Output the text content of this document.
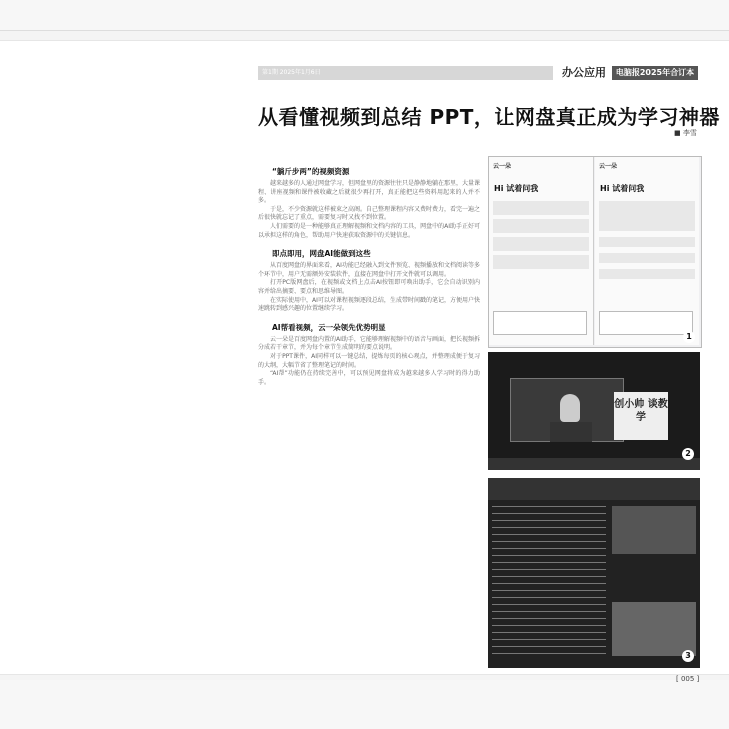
第1期 2025年1月6日	办公应用	电脑报2025年合订本
从看懂视频到总结 PPT，让网盘真正成为学习神器
■ 李雪
“躺斤步两”的视频资源

越来越多的人通过网盘学习，但网盘里的资源往往只是静静地躺在那里，大量课程、讲座视频和课件被收藏之后就很少再打开，真正能把这些资料用起来的人并不多。

于是，不少资源就这样被束之高阁。自己整理课程内容又费时费力，看完一遍之后很快就忘记了重点，需要复习时又找不到位置。

人们需要的是一种能够真正理解视频和文档内容的工具，网盘中的AI助手正好可以承担这样的角色，帮助用户快速获取资源中的关键信息。

即点即用，网盘AI能做到这些

从百度网盘的界面来看，AI功能已经融入到文件预览、视频播放和文档阅读等多个环节中，用户无需额外安装软件，直接在网盘中打开文件就可以调用。

打开PC版网盘后，在视频或文档上点击AI按钮即可唤出助手，它会自动识别内容并给出摘要、要点和思维导图。

在实际使用中，AI可以对课程视频逐段总结，生成带时间戳的笔记，方便用户快速跳转到感兴趣的位置继续学习。

AI帮看视频，云一朵领先优势明显

云一朵是百度网盘内置的AI助手，它能够理解视频中的语音与画面，把长视频拆分成若干章节，并为每个章节生成简明的要点说明。

对于PPT课件，AI同样可以一键总结，提炼每页的核心观点，并整理成便于复习的大纲，大幅节省了整理笔记的时间。

“AI帮”功能仍在持续完善中，可以预见网盘将成为越来越多人学习时的得力助手。

云一朵
Hi 试着问我
云一朵
Hi 试着问我
1
创小帅 谈教学
2
3
[ 005 ]
